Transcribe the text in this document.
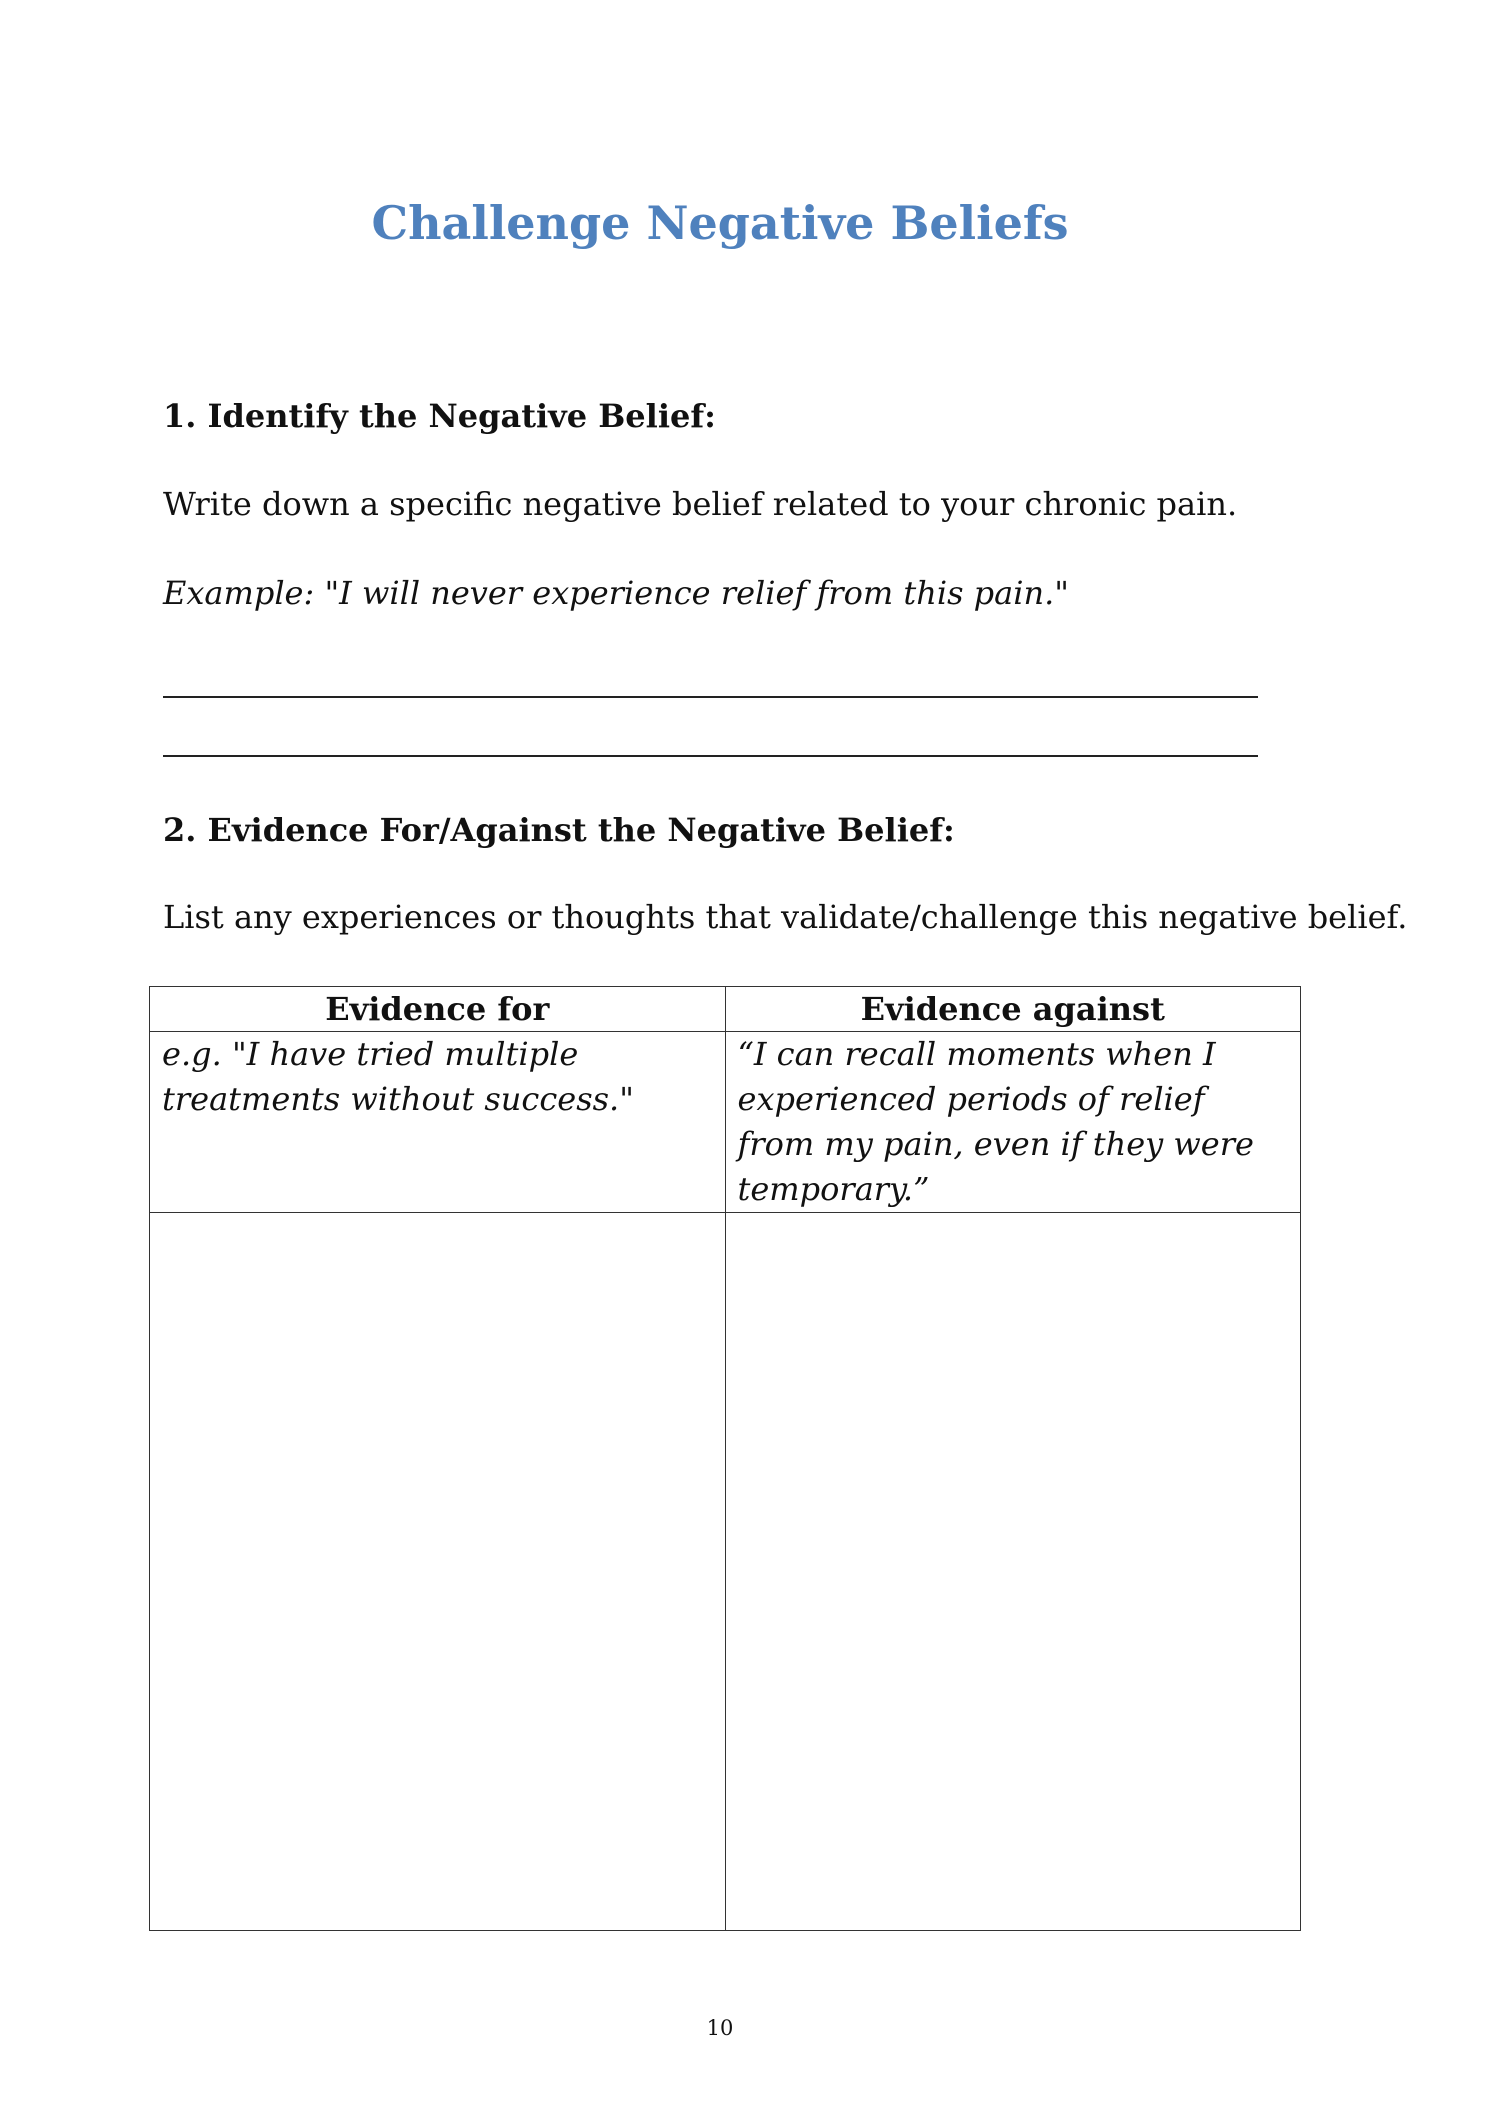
Challenge Negative Beliefs
1. Identify the Negative Belief:

Write down a specific negative belief related to your chronic pain.

Example: "I will never experience relief from this pain."

2. Evidence For/Against the Negative Belief:

List any experiences or thoughts that validate/challenge this negative belief.

Evidence for	Evidence against
e.g. "I have tried multiple treatments without success."	“I can recall moments when I experienced periods of relief from my pain, even if they were temporary.”

10
